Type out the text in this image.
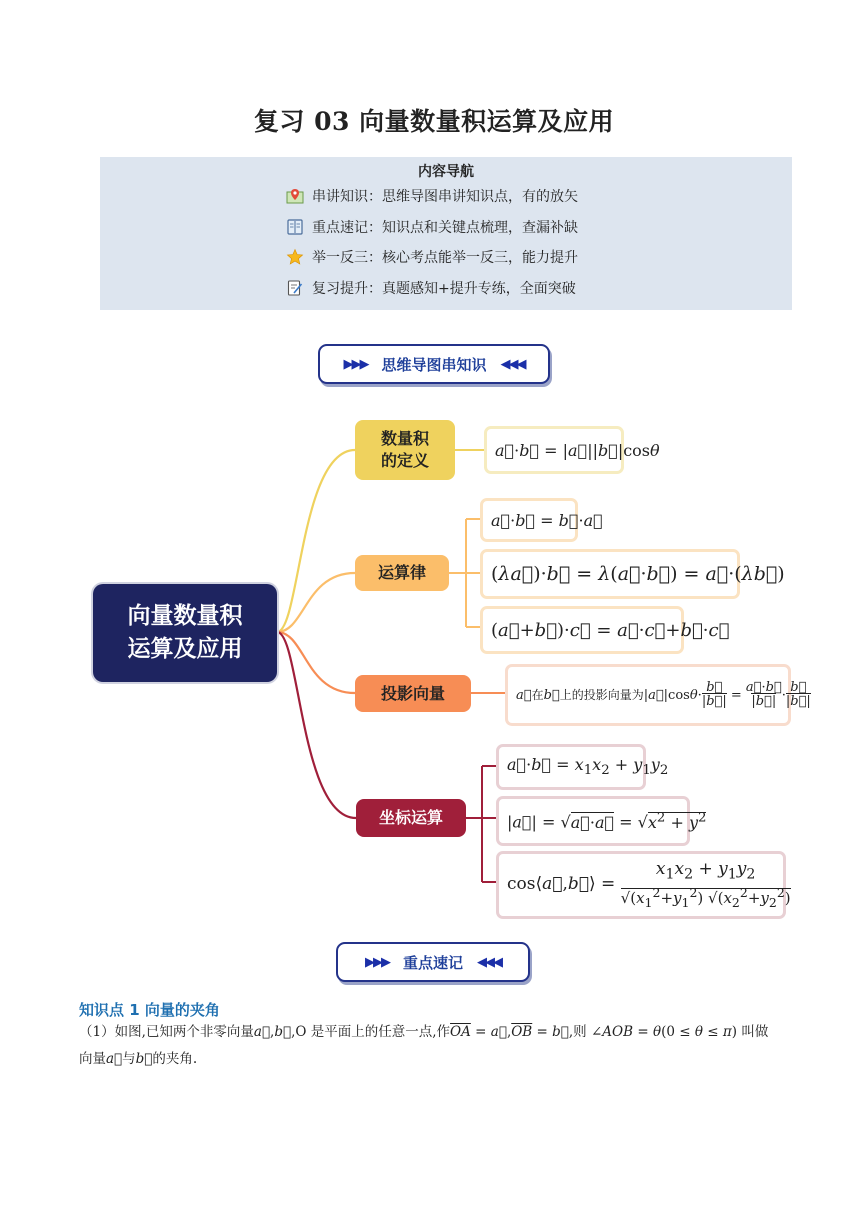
复习 03 向量数量积运算及应用
内容导航
串讲知识：思维导图串讲知识点，有的放矢
重点速记：知识点和关键点梳理，查漏补缺
举一反三：核心考点能举一反三，能力提升
复习提升：真题感知+提升专练，全面突破
▶▶▶ 思维导图串知识 ◀◀◀
向量数量积
运算及应用
数量积
的定义
运算律
投影向量
坐标运算
a⃗·b⃗ = |a⃗||b⃗|cosθ
a⃗·b⃗ = b⃗·a⃗
(λa⃗)·b⃗ = λ(a⃗·b⃗) = a⃗·(λb⃗)
(a⃗+b⃗)·c⃗ = a⃗·c⃗+b⃗·c⃗
a⃗在b⃗上的投影向量为$|a⃗|\cos\theta\cdot\frac{b⃗}{|b⃗|}$ = a⃗·b⃗
|b⃗| $\cdot\frac{b⃗}{|b⃗|}$
a⃗·b⃗ = $x_1x_2 + y_1y_2$
|a⃗| = √a⃗·a⃗ = $√x^2 + y^2$
cos⟨a⃗,b⃗⟩ = $x_1x_2 + y_1y_2$
$√(x_1^2+y_1^2)$ $√(x_2^2+y_2^2)$
▶▶▶ 重点速记 ◀◀◀
知识点 1 向量的夹角
（1）如图,已知两个非零向量a⃗,b⃗,O 是平面上的任意一点,作$\overline{OA}$ = $a⃗,\overline{OB}$ = b⃗,则 ∠AOB = θ(0 ≤ θ ≤ π) 叫做
向量a⃗与b⃗的夹角.
